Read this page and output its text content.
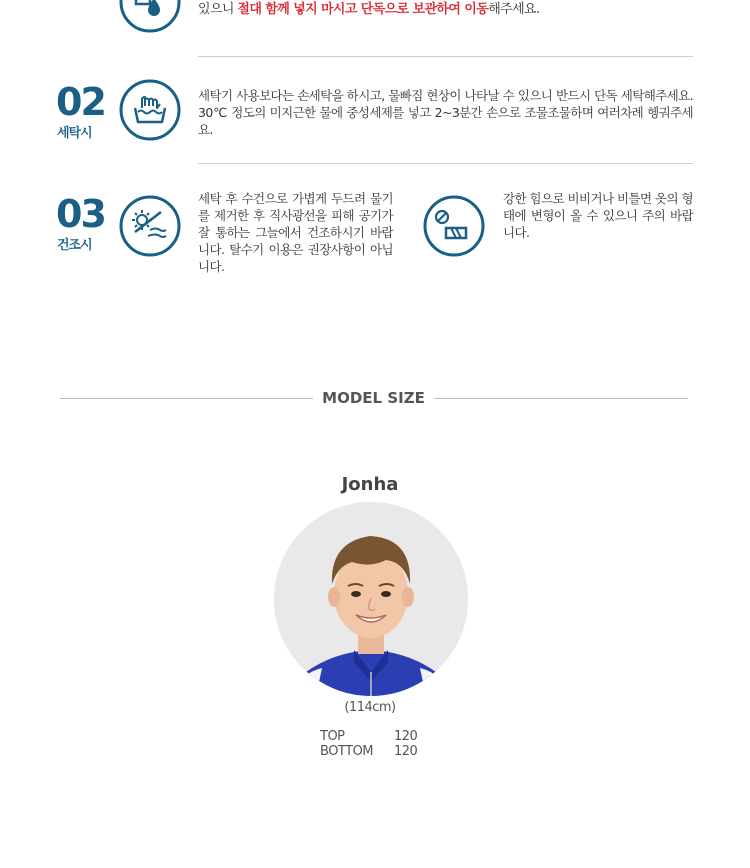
있으니 절대 함께 넣지 마시고 단독으로 보관하여 이동해주세요.
02
세탁시
세탁기 사용보다는 손세탁을 하시고, 물빠짐 현상이 나타날 수 있으니 반드시 단독 세탁해주세요. 30℃ 정도의 미지근한 물에 중성세제를 넣고 2~3분간 손으로 조물조물하며 여러차례 헹궈주세요.
03
건조시
세탁 후 수건으로 가볍게 두드려 물기를 제거한 후 직사광선을 피해 공기가 잘 통하는 그늘에서 건조하시기 바랍니다. 탈수기 이용은 권장사항이 아닙니다.
강한 힘으로 비비거나 비틀면 옷의 형태에 변형이 올 수 있으니 주의 바랍니다.
MODEL SIZE
Jonha
(114cm)
TOP	120
BOTTOM	120
